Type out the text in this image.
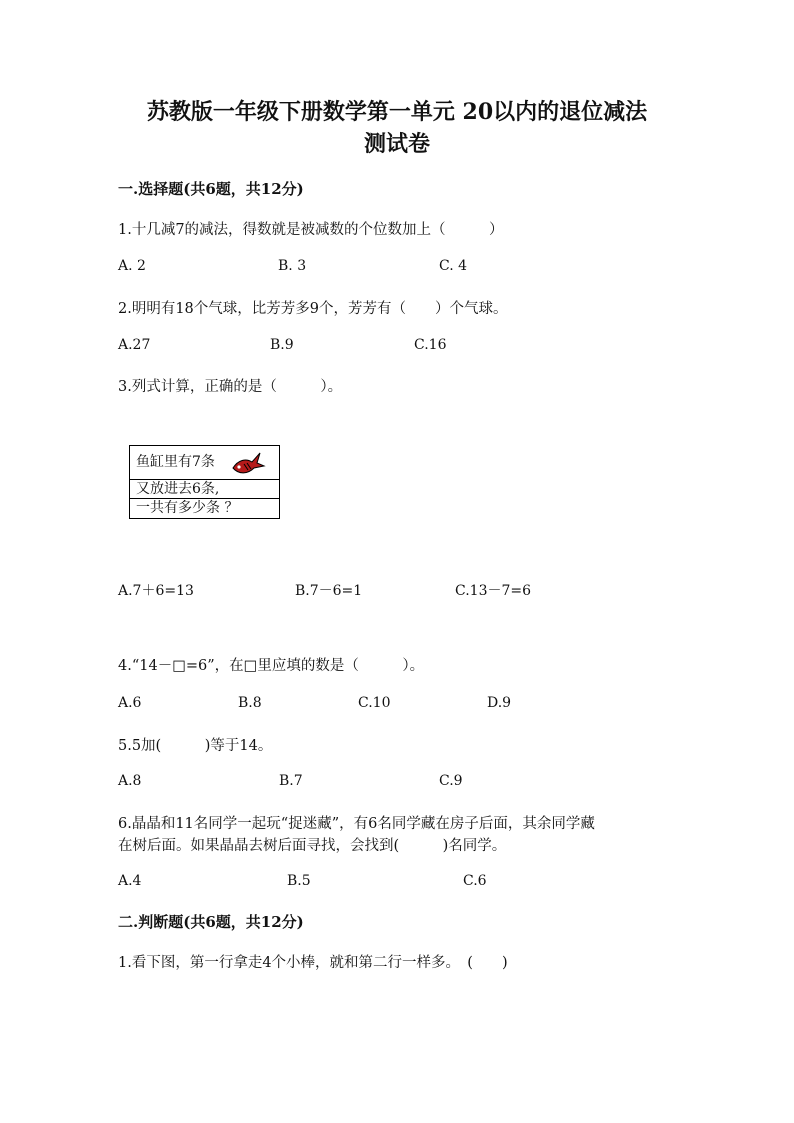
苏教版一年级下册数学第一单元 20以内的退位减法
测试卷
一.选择题(共6题，共12分)
1.十几减7的减法，得数就是被减数的个位数加上（　　　）
A. 2	B. 3	C. 4
2.明明有18个气球，比芳芳多9个，芳芳有（　　）个气球。
A.27	B.9	C.16
3.列式计算，正确的是（　　　）。
鱼缸里有7条
又放进去6条,
一共有多少条 ？
A.7＋6=13	B.7－6=1	C.13－7=6
4.“14－□=6”，在□里应填的数是（　　　）。
A.6	B.8	C.10	D.9
5.5加(　　　)等于14。
A.8	B.7	C.9
6.晶晶和11名同学一起玩“捉迷藏”，有6名同学藏在房子后面，其余同学藏
在树后面。如果晶晶去树后面寻找，会找到(　　　)名同学。
A.4	B.5	C.6
二.判断题(共6题，共12分)
1.看下图，第一行拿走4个小棒，就和第二行一样多。　(　　)
